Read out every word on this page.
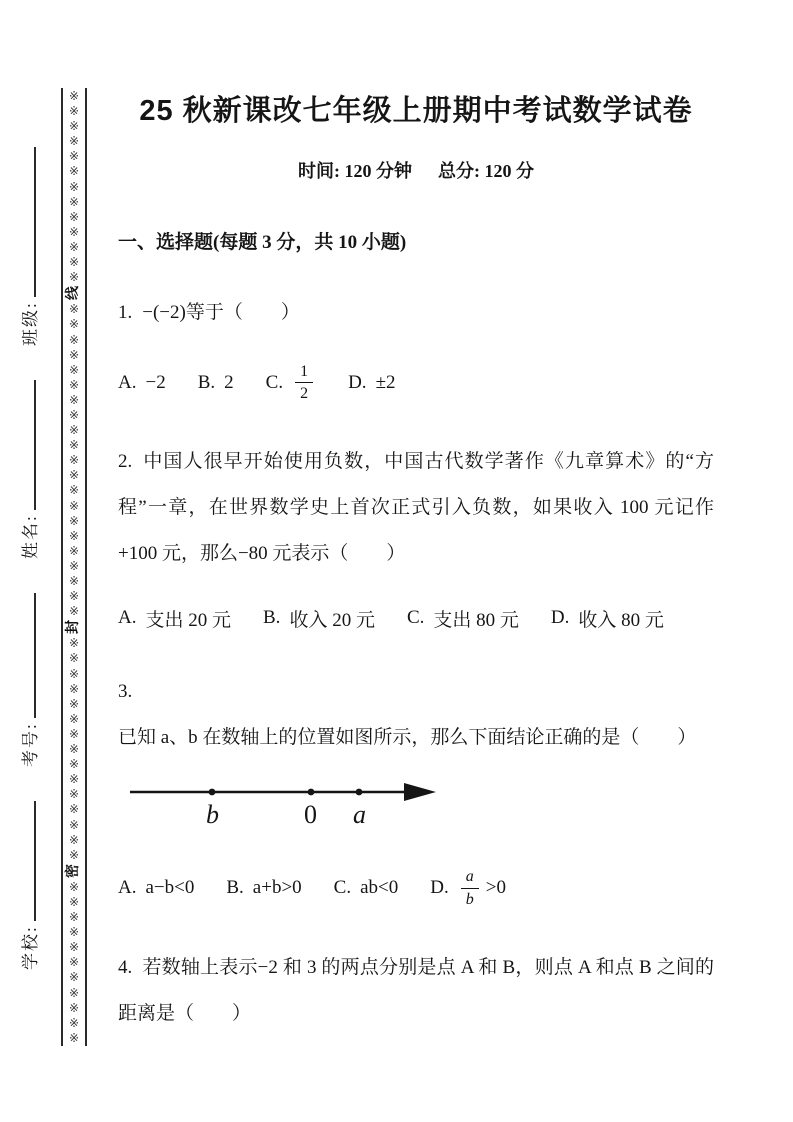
学校: 考号: 姓名: 班级:
※
※
※
※
※
※
※
※
※
※
※
※
※
线
※
※
※
※
※
※
※
※
※
※
※
※
※
※
※
※
※
※
※
※
※
封
※
※
※
※
※
※
※
※
※
※
※
※
※
※
※
密
※
※
※
※
※
※
※
※
※
※
※
25 秋新课改七年级上册期中考试数学试卷
时间: 120 分钟 总分: 120 分
一、选择题(每题 3 分，共 10 小题)

1. −(−2)等于（　　）

A. −2 B. 2 C. $\frac{1}{2} D$. ±2

2. 中国人很早开始使用负数，中国古代数学著作《九章算术》的“方程”一章，在世界数学史上首次正式引入负数，如果收入 100 元记作 +100 元，那么−80 元表示（　　）

A. 支出 20 元 B. 收入 20 元 C. 支出 80 元 D. 收入 80 元

3.已知 a、b 在数轴上的位置如图所示，那么下面结论正确的是（　　）

b	0 a
A. a−b<0 B. a+b>0 C. ab<0 D. $\frac{a}{b} >0$

4. 若数轴上表示−2 和 3 的两点分别是点 A 和 B，则点 A 和点 B 之间的距离是（　　）
